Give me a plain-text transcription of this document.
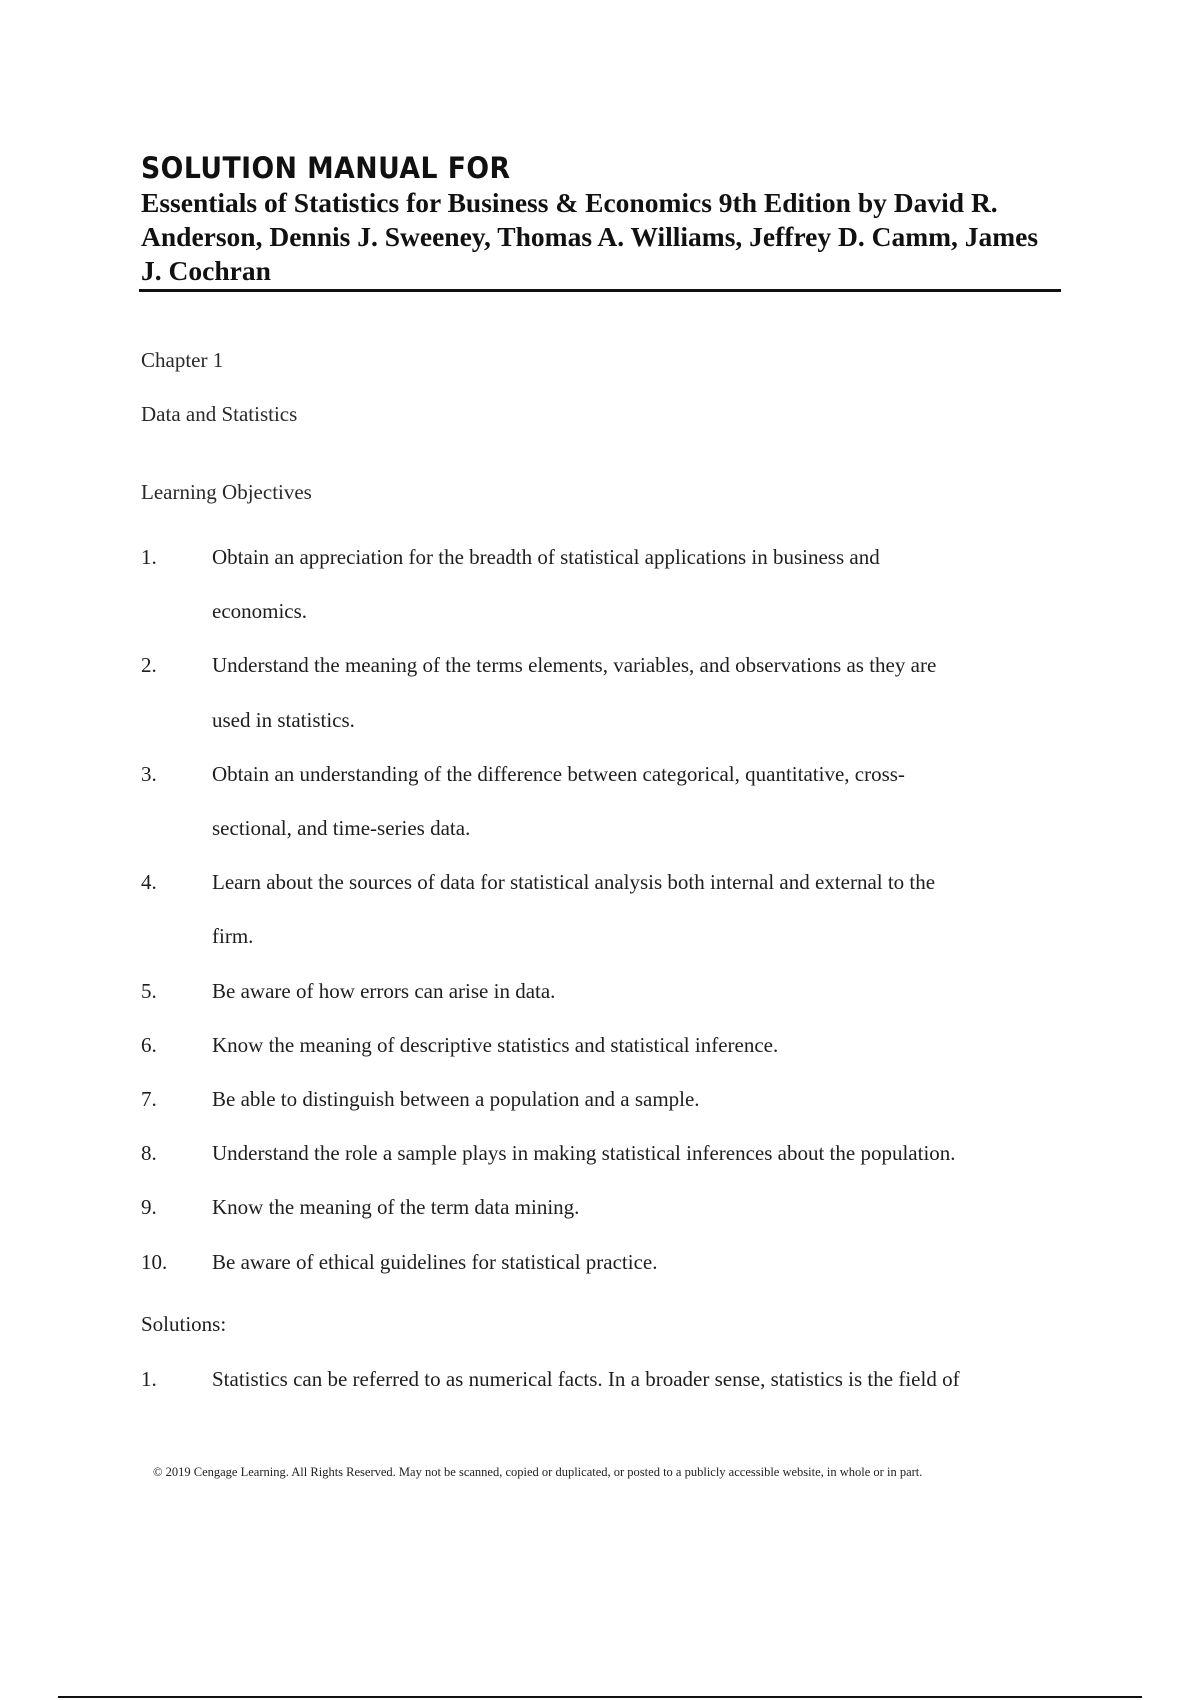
SOLUTION MANUAL FOR
Essentials of Statistics for Business & Economics 9th Edition by David R. Anderson, Dennis J. Sweeney, Thomas A. Williams, Jeffrey D. Camm, James J. Cochran
Chapter 1
Data and Statistics
Learning Objectives
1.	Obtain an appreciation for the breadth of statistical applications in business and
economics.
2.	Understand the meaning of the terms elements, variables, and observations as they are
used in statistics.
3.	Obtain an understanding of the difference between categorical, quantitative, cross-
sectional, and time-series data.
4.	Learn about the sources of data for statistical analysis both internal and external to the
firm.
5.	Be aware of how errors can arise in data.
6.	Know the meaning of descriptive statistics and statistical inference.
7.	Be able to distinguish between a population and a sample.
8.	Understand the role a sample plays in making statistical inferences about the population.
9.	Know the meaning of the term data mining.
10. Be aware of ethical guidelines for statistical practice.
Solutions:
1.	Statistics can be referred to as numerical facts. In a broader sense, statistics is the field of
© 2019 Cengage Learning. All Rights Reserved. May not be scanned, copied or duplicated, or posted to a publicly accessible website, in whole or in part.
